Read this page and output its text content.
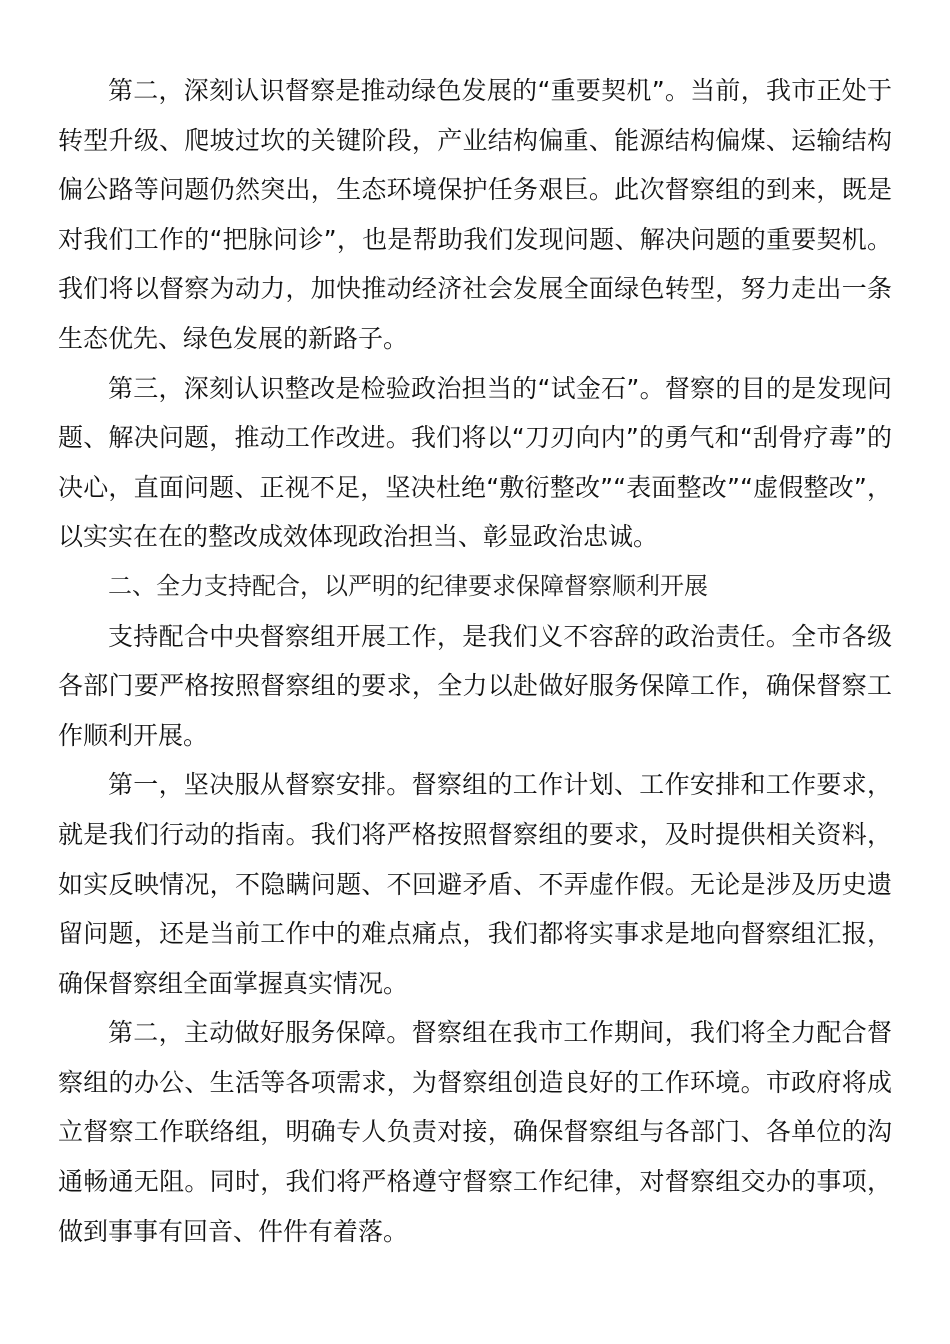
第二，深刻认识督察是推动绿色发展的“重要契机”。当前，我市正处于转型升级、爬坡过坎的关键阶段，产业结构偏重、能源结构偏煤、运输结构偏公路等问题仍然突出，生态环境保护任务艰巨。此次督察组的到来，既是对我们工作的“把脉问诊”，也是帮助我们发现问题、解决问题的重要契机。我们将以督察为动力，加快推动经济社会发展全面绿色转型，努力走出一条生态优先、绿色发展的新路子。

第三，深刻认识整改是检验政治担当的“试金石”。督察的目的是发现问题、解决问题，推动工作改进。我们将以“刀刃向内”的勇气和“刮骨疗毒”的决心，直面问题、正视不足，坚决杜绝“敷衍整改”“表面整改”“虚假整改”，以实实在在的整改成效体现政治担当、彰显政治忠诚。

二、全力支持配合，以严明的纪律要求保障督察顺利开展

支持配合中央督察组开展工作，是我们义不容辞的政治责任。全市各级各部门要严格按照督察组的要求，全力以赴做好服务保障工作，确保督察工作顺利开展。

第一，坚决服从督察安排。督察组的工作计划、工作安排和工作要求，就是我们行动的指南。我们将严格按照督察组的要求，及时提供相关资料，如实反映情况，不隐瞒问题、不回避矛盾、不弄虚作假。无论是涉及历史遗留问题，还是当前工作中的难点痛点，我们都将实事求是地向督察组汇报，确保督察组全面掌握真实情况。

第二，主动做好服务保障。督察组在我市工作期间，我们将全力配合督察组的办公、生活等各项需求，为督察组创造良好的工作环境。市政府将成立督察工作联络组，明确专人负责对接，确保督察组与各部门、各单位的沟通畅通无阻。同时，我们将严格遵守督察工作纪律，对督察组交办的事项，做到事事有回音、件件有着落。
